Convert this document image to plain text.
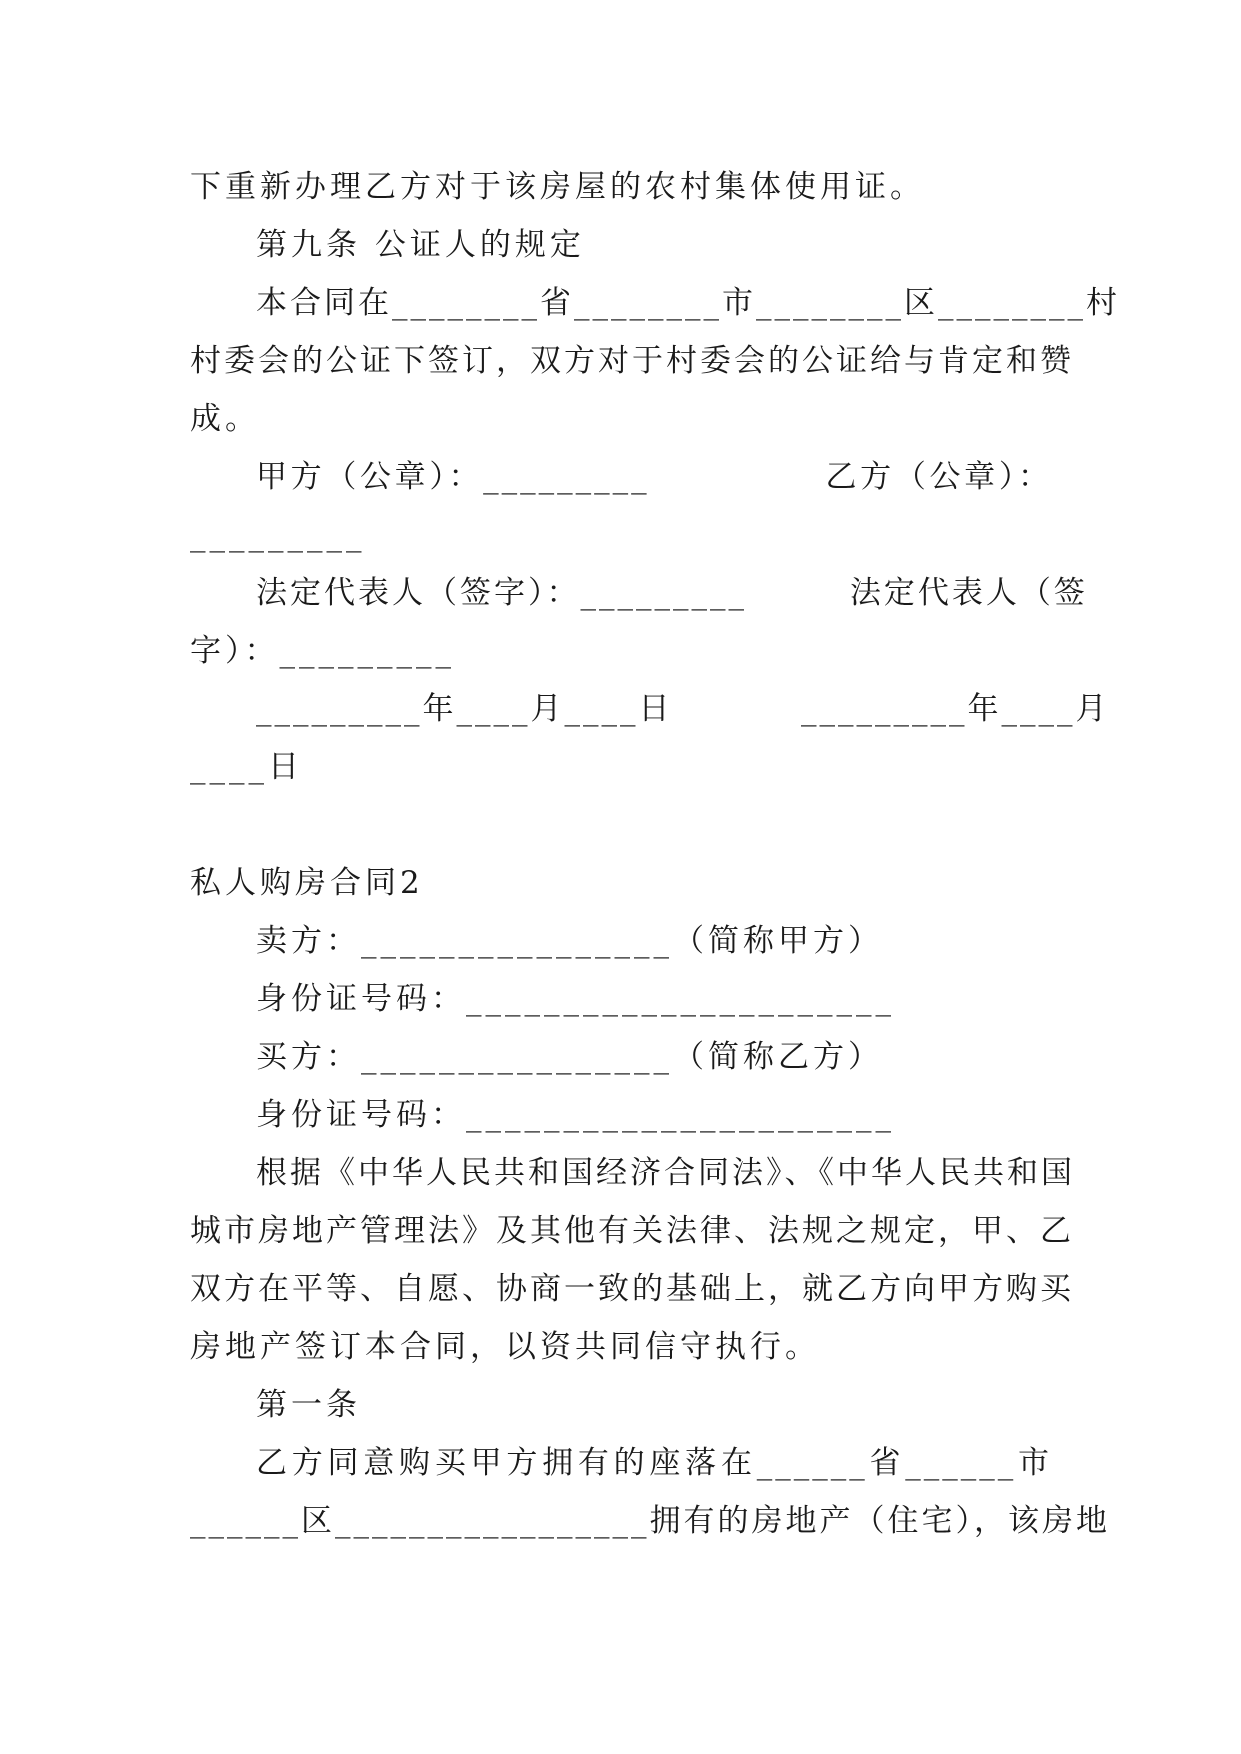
下重新办理乙方对于该房屋的农村集体使用证。
第九条 公证人的规定
本合同在________省________市________区________村
村委会的公证下签订，双方对于村委会的公证给与肯定和赞
成。
甲方（公章）：_________             乙方（公章）：
_________
法定代表人（签字）：_________        法定代表人（签
字）：_________
_________年____月____日          _________年____月
____日
私人购房合同2
卖方：________________（简称甲方）
身份证号码：______________________
买方：________________（简称乙方）
身份证号码：______________________
根据《中华人民共和国经济合同法》、《中华人民共和国
城市房地产管理法》及其他有关法律、法规之规定，甲、乙
双方在平等、自愿、协商一致的基础上，就乙方向甲方购买
房地产签订本合同，以资共同信守执行。
第一条
乙方同意购买甲方拥有的座落在______省______市
______区_________________拥有的房地产（住宅），该房地
